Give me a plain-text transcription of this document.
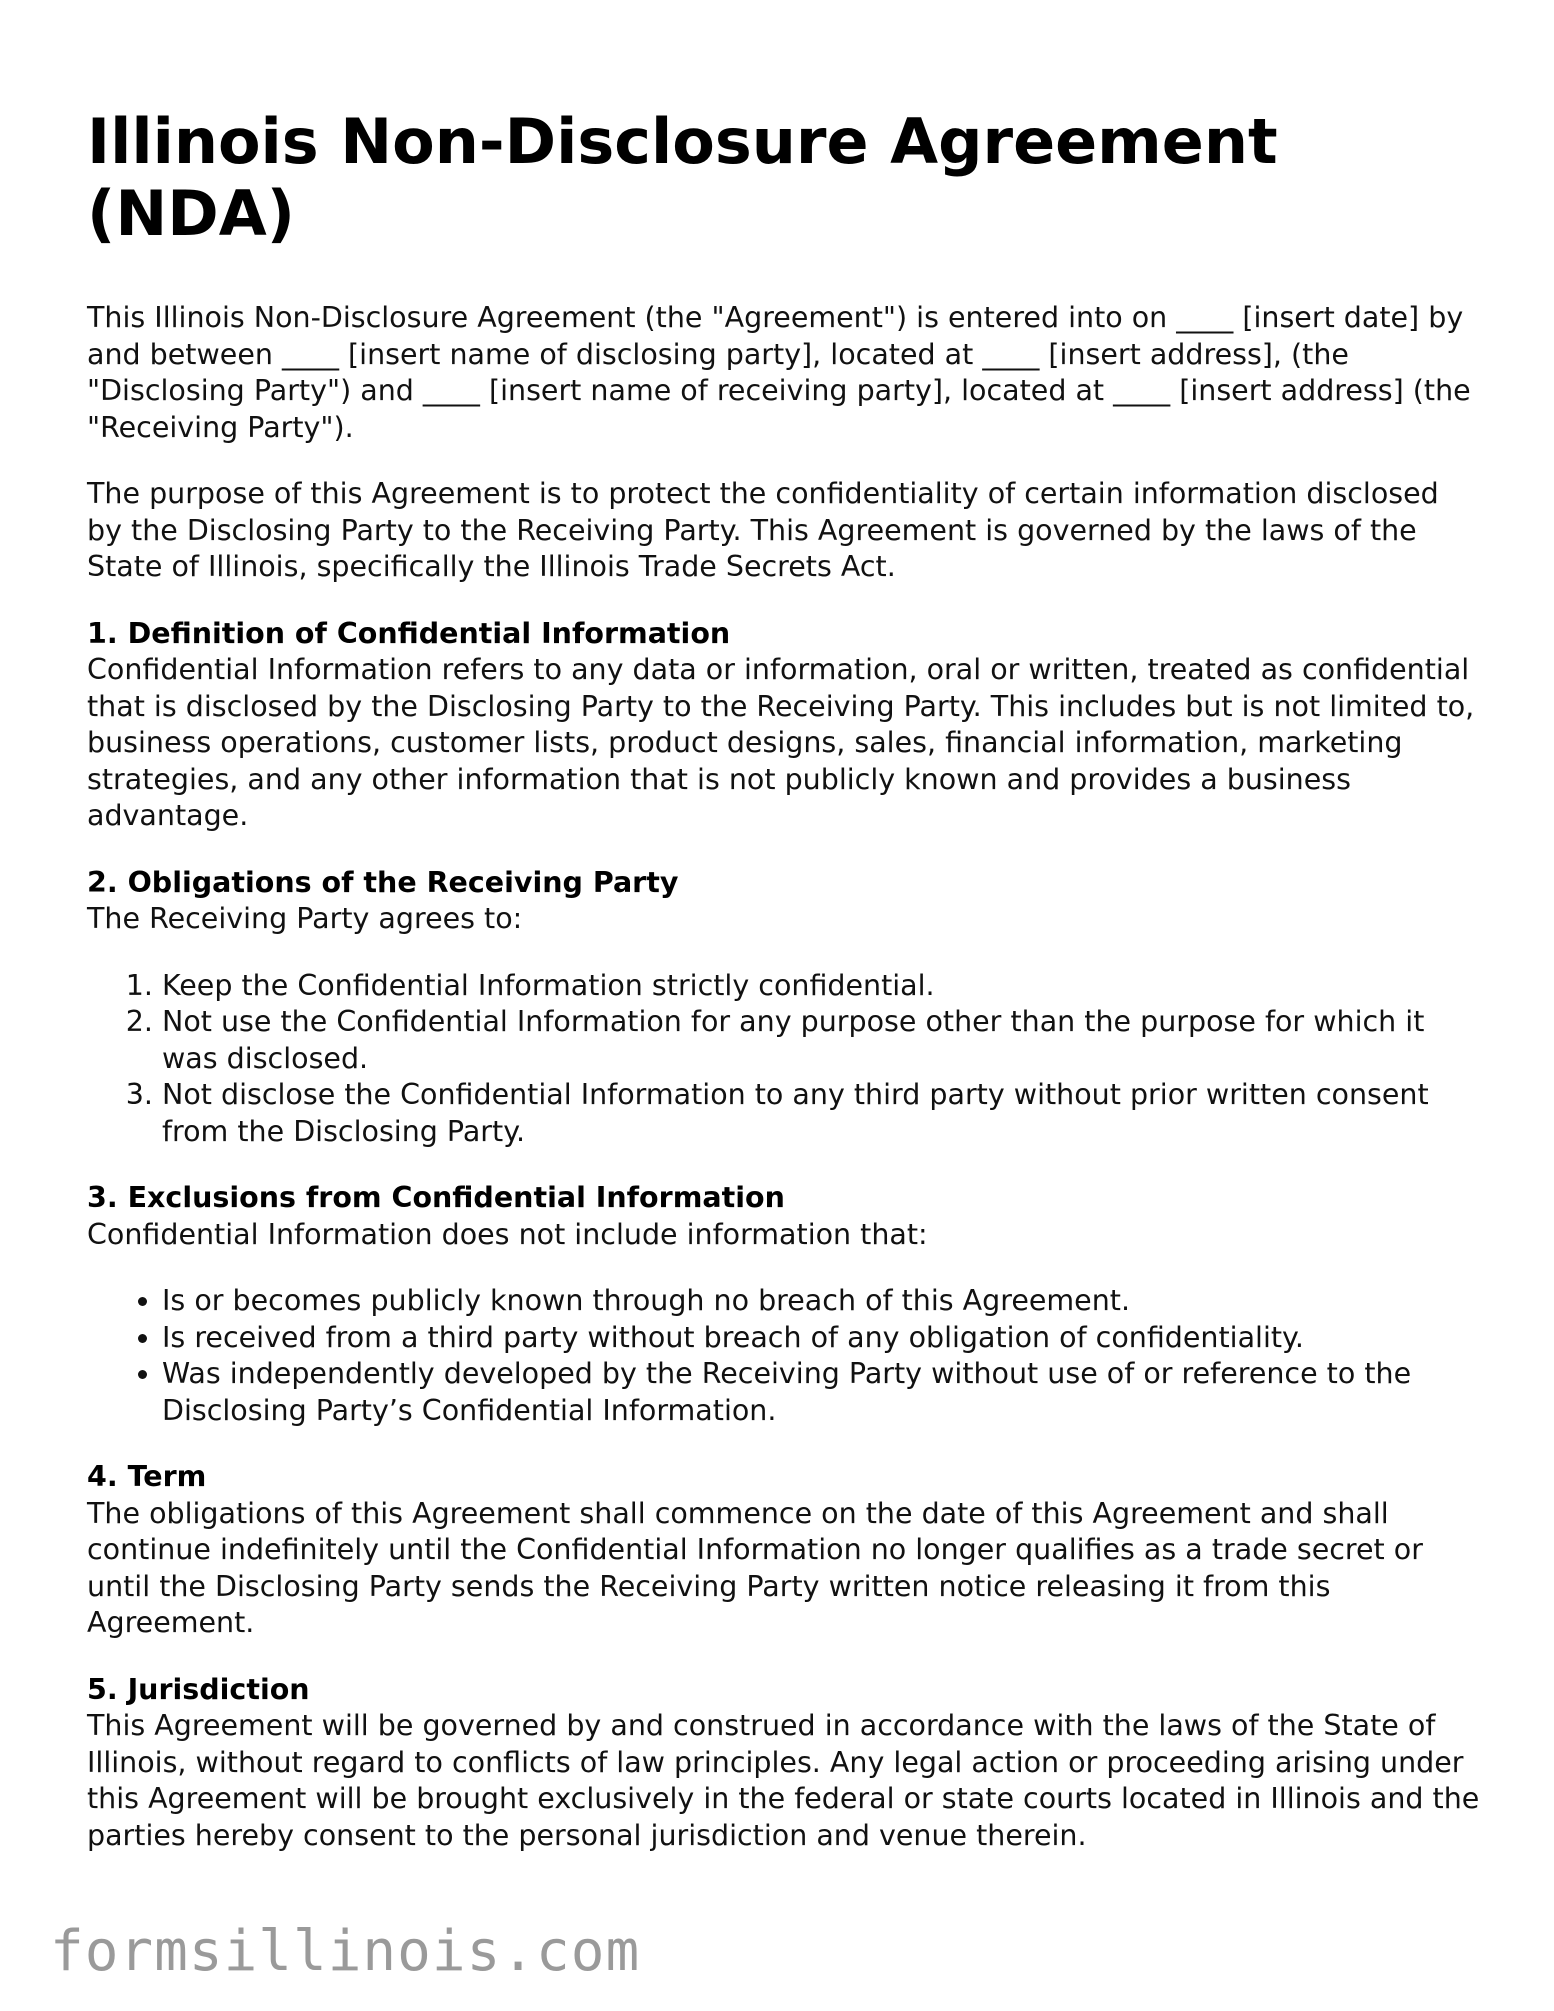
Illinois Non-Disclosure Agreement (NDA)

This Illinois Non-Disclosure Agreement (the "Agreement") is entered into on ____ [insert date] by and between ____ [insert name of disclosing party], located at ____ [insert address], (the "Disclosing Party") and ____ [insert name of receiving party], located at ____ [insert address] (the "Receiving Party").

The purpose of this Agreement is to protect the confidentiality of certain information disclosed by the Disclosing Party to the Receiving Party. This Agreement is governed by the laws of the State of Illinois, specifically the Illinois Trade Secrets Act.

1. Definition of Confidential Information
Confidential Information refers to any data or information, oral or written, treated as confidential that is disclosed by the Disclosing Party to the Receiving Party. This includes but is not limited to, business operations, customer lists, product designs, sales, financial information, marketing strategies, and any other information that is not publicly known and provides a business advantage.
2. Obligations of the Receiving Party
The Receiving Party agrees to:
1. Keep the Confidential Information strictly confidential.
2. Not use the Confidential Information for any purpose other than the purpose for which it was disclosed.
3. Not disclose the Confidential Information to any third party without prior written consent from the Disclosing Party.
3. Exclusions from Confidential Information
Confidential Information does not include information that:
• Is or becomes publicly known through no breach of this Agreement.
• Is received from a third party without breach of any obligation of confidentiality.
• Was independently developed by the Receiving Party without use of or reference to the Disclosing Party’s Confidential Information.
4. Term
The obligations of this Agreement shall commence on the date of this Agreement and shall continue indefinitely until the Confidential Information no longer qualifies as a trade secret or until the Disclosing Party sends the Receiving Party written notice releasing it from this Agreement.
5. Jurisdiction
This Agreement will be governed by and construed in accordance with the laws of the State of Illinois, without regard to conflicts of law principles. Any legal action or proceeding arising under this Agreement will be brought exclusively in the federal or state courts located in Illinois and the parties hereby consent to the personal jurisdiction and venue therein.
formsillinois.com
